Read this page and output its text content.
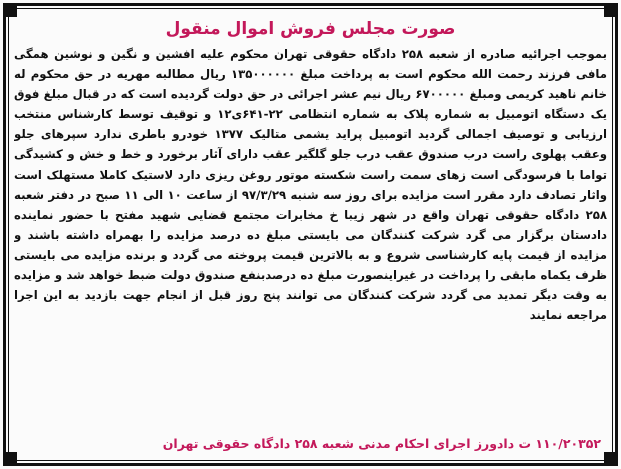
صورت مجلس فروش اموال منقول

بموجب اجرائیه صادره از شعبه ۲۵۸ دادگاه حقوقی تهران محکوم علیه افشین و نگین و نوشین همگی مافی فرزند رحمت الله محکوم است به پرداخت مبلغ ۱۳۵۰۰۰۰۰۰ ریال مطالبه مهریه در حق محکوم له خانم ناهید کریمی ومبلغ ۶۷۰۰۰۰۰ ریال نیم عشر اجرائی در حق دولت گردیده است که در قبال مبلغ فوق یک دستگاه اتومبیل به شماره پلاک به شماره انتظامی ۲۲-۶۴۱ی۱۲ و توقیف توسط کارشناس منتخب ارزیابی و توصیف اجمالی گردید اتومبیل پراید یشمی متالیک ۱۳۷۷ خودرو باطری ندارد سپرهای جلو وعقب پهلوی راست درب صندوق عقب درب جلو گلگیر عقب دارای آثار برخورد و خط و خش و کشیدگی تواما با فرسودگی است زهای سمت راست شکسته موتور روغن ریزی دارد لاستیک کاملا مستهلک است واثار تصادف دارد مقرر است مزایده برای روز سه شنبه ۹۷/۳/۲۹ از ساعت ۱۰ الی ۱۱ صبح در دفتر شعبه ۲۵۸ دادگاه حقوقی تهران واقع در شهر زیبا خ مخابرات مجتمع قضایی شهید مفتح با حضور نماینده دادستان برگزار می گرد شرکت کنندگان می بایستی مبلغ ده درصد مزایده را بهمراه داشته باشند و مزایده از قیمت پایه کارشناسی شروع و به بالاترین قیمت پروخته می گردد و برنده مزایده می بایستی ظرف یکماه مابقی را پرداخت در غیراینصورت مبلغ ده درصدبنفع صندوق دولت ضبط خواهد شد و مزایده به وقت دیگر تمدید می گردد شرکت کنندگان می توانند پنج روز قبل از انجام جهت بازدید به این اجرا مراجعه نمایند

۱۱۰/۲۰۳۵۲ ت دادورز اجرای احکام مدنی شعبه ۲۵۸ دادگاه حقوقی تهران
